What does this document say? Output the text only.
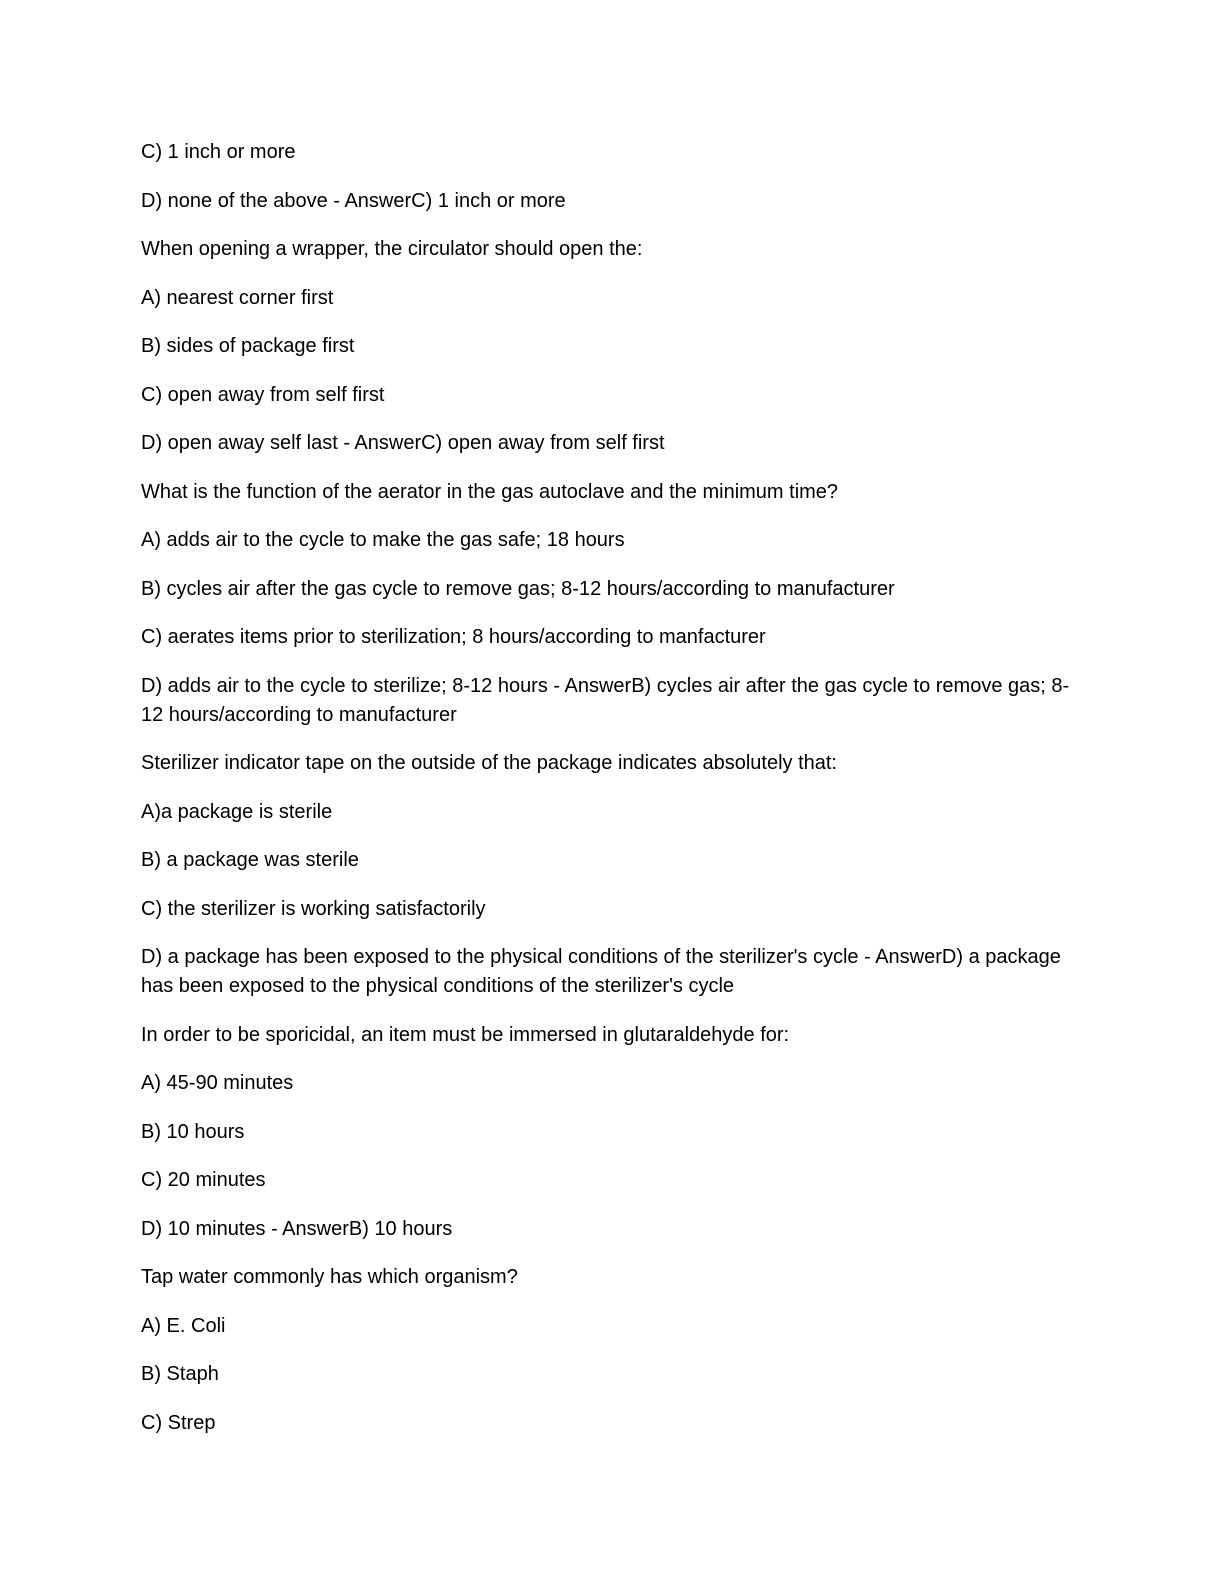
C) 1 inch or more

D) none of the above - AnswerC) 1 inch or more

When opening a wrapper, the circulator should open the:

A) nearest corner first

B) sides of package first

C) open away from self first

D) open away self last - AnswerC) open away from self first

What is the function of the aerator in the gas autoclave and the minimum time?

A) adds air to the cycle to make the gas safe; 18 hours

B) cycles air after the gas cycle to remove gas; 8-12 hours/according to manufacturer

C) aerates items prior to sterilization; 8 hours/according to manfacturer

D) adds air to the cycle to sterilize; 8-12 hours - AnswerB) cycles air after the gas cycle to remove gas; 8-12 hours/according to manufacturer

Sterilizer indicator tape on the outside of the package indicates absolutely that:

A)a package is sterile

B) a package was sterile

C) the sterilizer is working satisfactorily

D) a package has been exposed to the physical conditions of the sterilizer's cycle - AnswerD) a package has been exposed to the physical conditions of the sterilizer's cycle

In order to be sporicidal, an item must be immersed in glutaraldehyde for:

A) 45-90 minutes

B) 10 hours

C) 20 minutes

D) 10 minutes - AnswerB) 10 hours

Tap water commonly has which organism?

A) E. Coli

B) Staph

C) Strep
